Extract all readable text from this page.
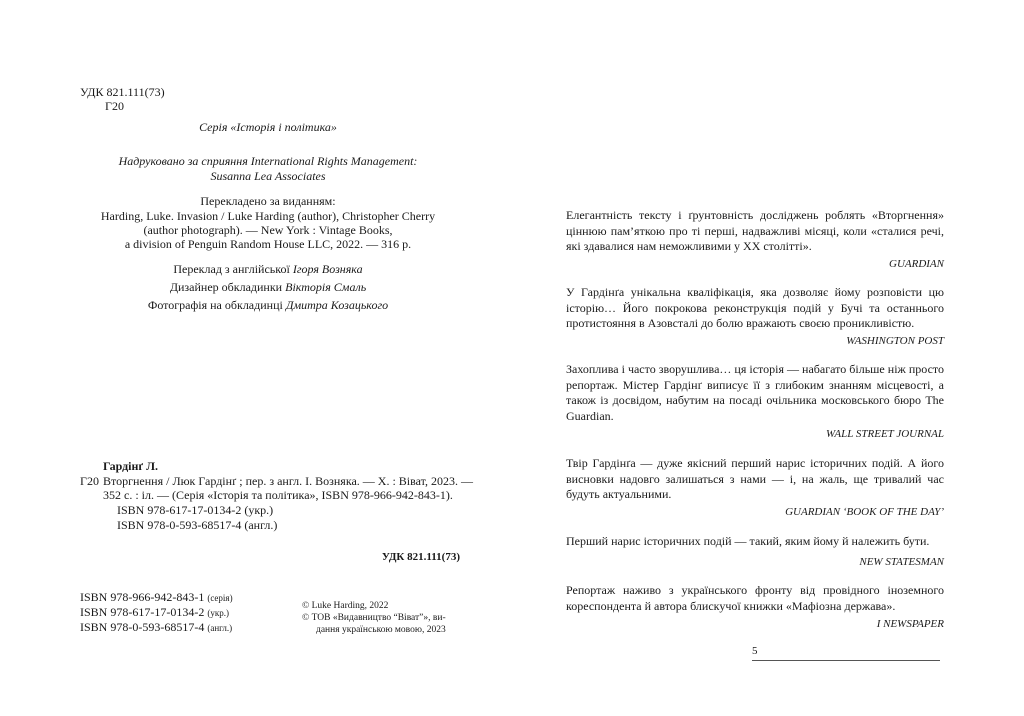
УДК 821.111(73)
Г20
Серія «Історія і політика»
Надруковано за сприяння International Rights Management:
Susanna Lea Associates
Перекладено за виданням:
Harding, Luke. Invasion / Luke Harding (author), Christopher Cherry
(author photograph). — New York : Vintage Books,
a division of Penguin Random House LLC, 2022. — 316 p.
Переклад з англійської Ігоря Возняка
Дизайнер обкладинки Вікторія Смаль
Фотографія на обкладинці Дмитра Козацького
Гардінґ Л.
Г20 Вторгнення / Люк Гардінґ ; пер. з англ. І. Возняка. — Х. : Віват, 2023. —
352 с. : іл. — (Серія «Історія та політика», ISBN 978-966-942-843-1).
ISBN 978-617-17-0134-2 (укр.)
ISBN 978-0-593-68517-4 (англ.)
УДК 821.111(73)
ISBN 978-966-942-843-1 (серія)
ISBN 978-617-17-0134-2 (укр.)
ISBN 978-0-593-68517-4 (англ.)
© Luke Harding, 2022
© ТОВ «Видавництво “Віват”», ви-
дання українською мовою, 2023
Елегантність тексту і ґрунтовність досліджень роблять «Вторгнення» ціннюю пам’яткою про ті перші, надважливі місяці, коли «сталися речі, які здавалися нам неможливими у ХХ столітті».
GUARDIAN
У Гардінґа унікальна кваліфікація, яка дозволяє йому розповісти цю історію… Його покрокова реконструкція подій у Бучі та останнього протистояння в Азовсталі до болю вражають своєю проникливістю.
WASHINGTON POST
Захоплива і часто зворушлива… ця історія — набагато більше ніж просто репортаж. Містер Гардінґ виписує її з глибоким знанням місцевості, а також із досвідом, набутим на посаді очільника московського бюро The Guardian.
WALL STREET JOURNAL
Твір Гардінґа — дуже якісний перший нарис історичних подій. А його висновки надовго залишаться з нами — і, на жаль, ще тривалий час будуть актуальними.
GUARDIAN ‘BOOK OF THE DAY’
Перший нарис історичних подій — такий, яким йому й належить бути.
NEW STATESMAN
Репортаж наживо з українського фронту від провідного іноземного кореспондента й автора блискучої книжки «Мафіозна держава».
I NEWSPAPER
5
